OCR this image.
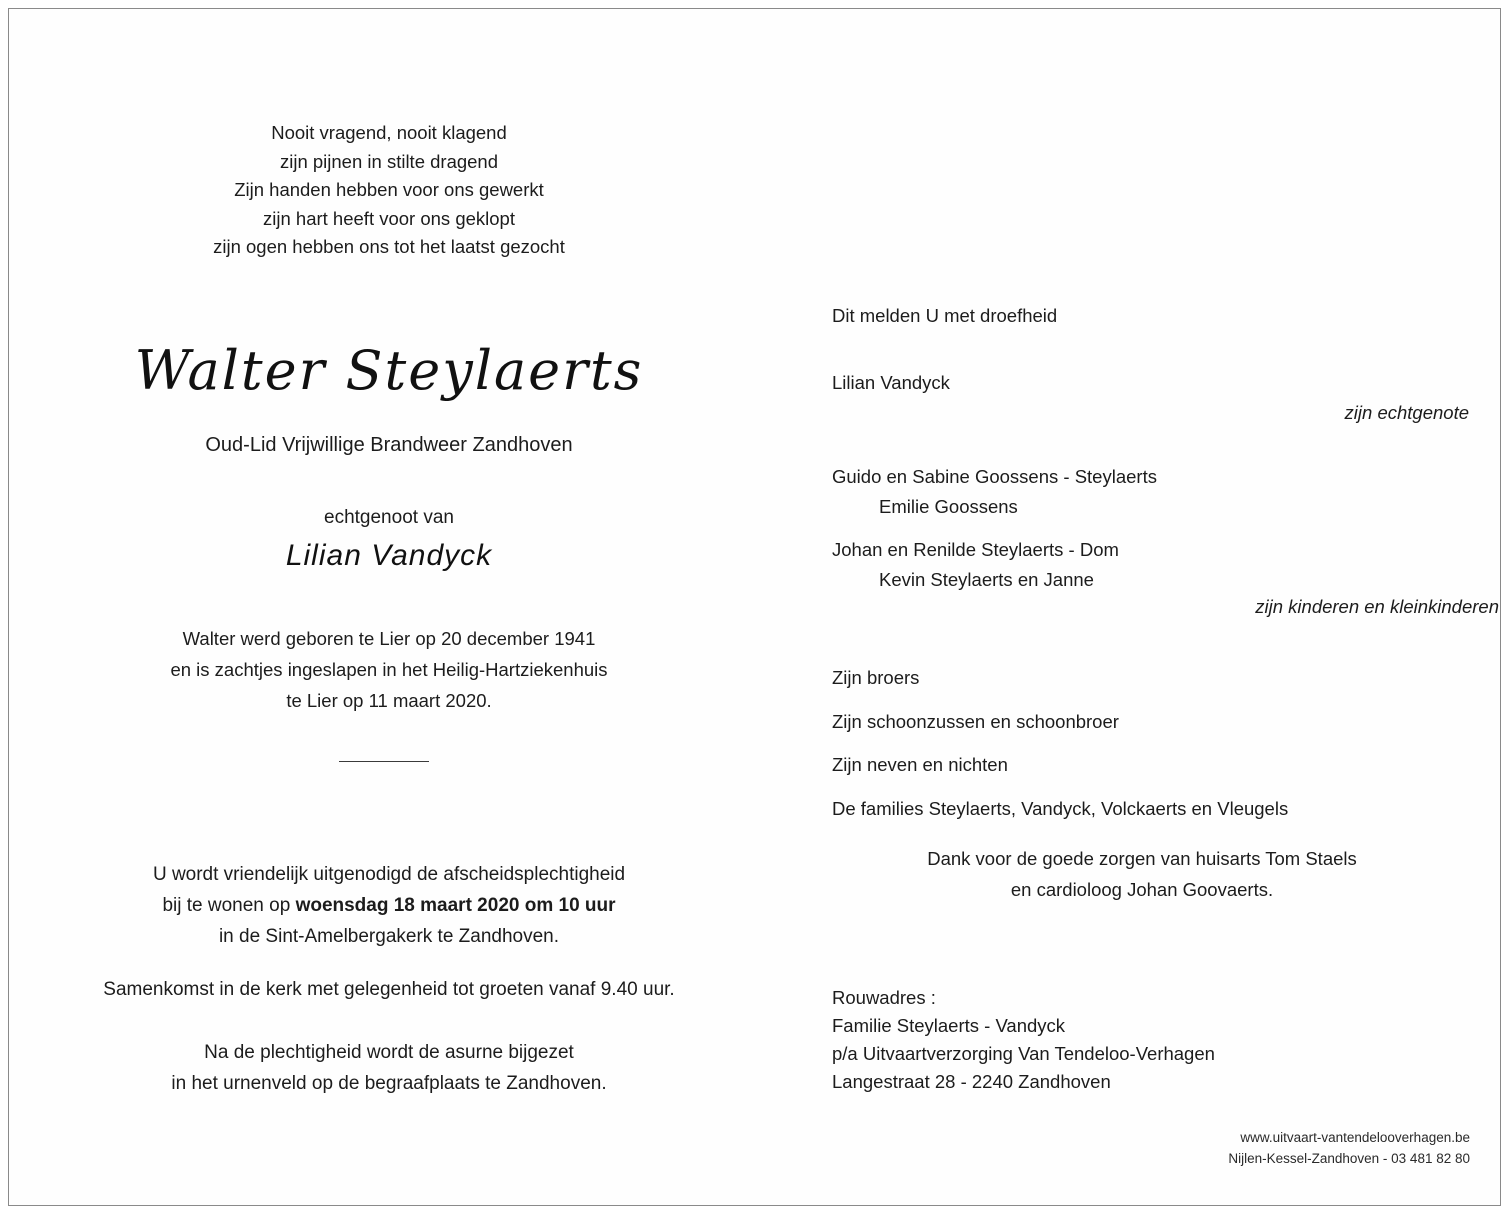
Nooit vragend, nooit klagend
zijn pijnen in stilte dragend
Zijn handen hebben voor ons gewerkt
zijn hart heeft voor ons geklopt
zijn ogen hebben ons tot het laatst gezocht
Walter Steylaerts
Oud-Lid Vrijwillige Brandweer Zandhoven
echtgenoot van
Lilian Vandyck
Walter werd geboren te Lier op 20 december 1941
en is zachtjes ingeslapen in het Heilig-Hartziekenhuis
te Lier op 11 maart 2020.
U wordt vriendelijk uitgenodigd de afscheidsplechtigheid
bij te wonen op woensdag 18 maart 2020 om 10 uur
in de Sint-Amelbergakerk te Zandhoven.
Samenkomst in de kerk met gelegenheid tot groeten vanaf 9.40 uur.
Na de plechtigheid wordt de asurne bijgezet
in het urnenveld op de begraafplaats te Zandhoven.
Dit melden U met droefheid
Lilian Vandyck
zijn echtgenote
Guido en Sabine Goossens - Steylaerts
Emilie Goossens
Johan en Renilde Steylaerts - Dom
Kevin Steylaerts en Janne
zijn kinderen en kleinkinderen
Zijn broers
Zijn schoonzussen en schoonbroer
Zijn neven en nichten
De families Steylaerts, Vandyck, Volckaerts en Vleugels
Dank voor de goede zorgen van huisarts Tom Staels
en cardioloog Johan Goovaerts.
Rouwadres :
Familie Steylaerts - Vandyck
p/a Uitvaartverzorging Van Tendeloo-Verhagen
Langestraat 28 - 2240 Zandhoven
www.uitvaart-vantendelooverhagen.be
Nijlen-Kessel-Zandhoven - 03 481 82 80
